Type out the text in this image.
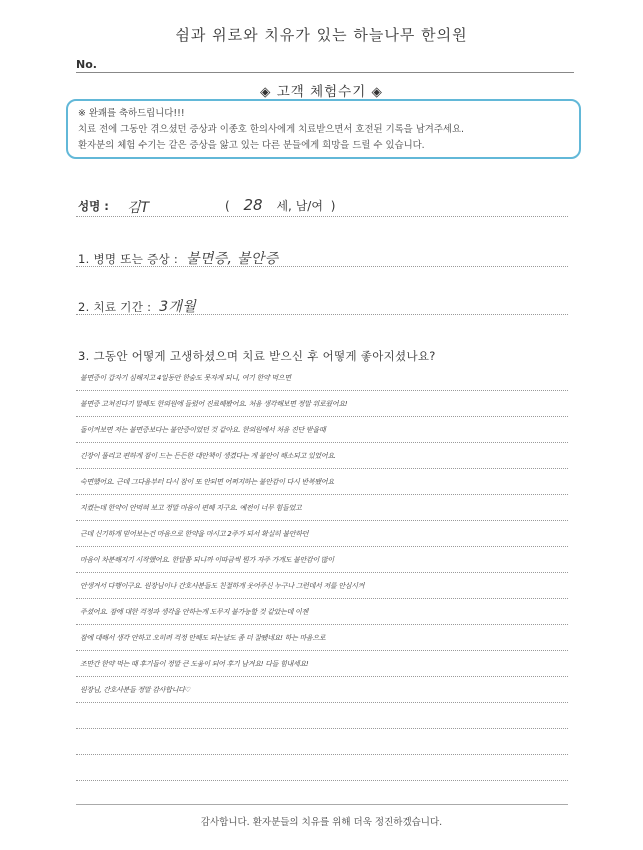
쉼과 위로와 치유가 있는 하늘나무 한의원
No.
◈ 고객 체험수기 ◈
※ 완쾌를 축하드립니다!!!
치료 전에 그동안 겪으셨던 증상과 이종호 한의사에게 치료받으면서 호전된 기록을 남겨주세요.
환자분의 체험 수기는 같은 증상을 앓고 있는 다른 분들에게 희망을 드릴 수 있습니다.
성명 : 김Т	( 28 세, 남/여 )
1. 병명 또는 증상 : 불면증, 불안증
2. 치료 기간 : 3개월
3. 그동안 어떻게 고생하셨으며 치료 받으신 후 어떻게 좋아지셨나요?
불면증이 갑자기 심해지고 4일동안 한숨도 못자게 되니, 여기 한약 먹으면
불면증 고쳐진다기 말해도 한의원에 들렀어 진료해봤어요. 처음 생각해보면 정말 위로웠어요!
돌이켜보면 저는 불면증보다는 불안증이었던 것 같아요. 한의원에서 처음 진단 받을때
긴장이 풀리고 편하게 잠이 드는 든든한 대안책이 생겼다는 게 불안이 해소되고 있었어요.
숙면했어요. 근데 그다음부터 다시 잠이 또 안되면 어쩌지하는 불안감이 다시 반복됐어요
지켰는데 한약이 안먹혀 보고 정말 마음이 편해 지구요. 예전이 너무 힘들었고
근데 신기하게 믿어보는건 마음으로 한약을 마시고 2주가 되서 확실히 불안하던
마음이 차분해지기 시작했어요. 한달쯤 되니까 이따금씩 뭔가 자주 가게도 불안감이 많이
안생겨서 다행이구요. 원장님이나 간호사분들도 친절하게 웃어주신 누구나 그런데서 저를 안심시켜
주셨어요. 잠에 대한 걱정과 생각을 안하는게 도무지 불가능할 것 같았는데 이젠
잠에 대해서 생각 안하고 오히려 걱정 안해도 되는날도 좀 더 잘됐네요! 하는 마음으로
조만간 한약 먹는 때 후기들이 정말 큰 도움이 되어 후기 남겨요! 다들 힘내세요!
원장님, 간호사분들 정말 감사합니다♡
감사합니다. 환자분들의 치유를 위해 더욱 정진하겠습니다.
